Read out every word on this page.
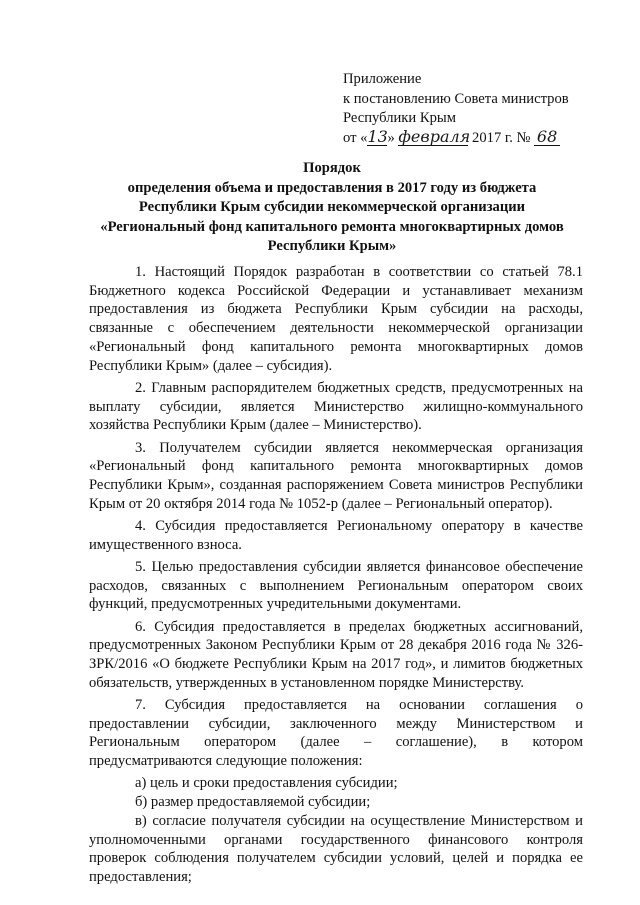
Приложение
к постановлению Совета министров
Республики Крым
от «13» февраля 2017 г. № 68
Порядок
определения объема и предоставления в 2017 году из бюджета
Республики Крым субсидии некоммерческой организации
«Региональный фонд капитального ремонта многоквартирных домов
Республики Крым»

1. Настоящий Порядок разработан в соответствии со статьей 78.1 Бюджетного кодекса Российской Федерации и устанавливает механизм предоставления из бюджета Республики Крым субсидии на расходы, связанные с обеспечением деятельности некоммерческой организации «Региональный фонд капитального ремонта многоквартирных домов Республики Крым» (далее – субсидия).

2. Главным распорядителем бюджетных средств, предусмотренных на выплату субсидии, является Министерство жилищно-коммунального хозяйства Республики Крым (далее – Министерство).

3. Получателем субсидии является некоммерческая организация «Региональный фонд капитального ремонта многоквартирных домов Республики Крым», созданная распоряжением Совета министров Республики Крым от 20 октября 2014 года № 1052-р (далее – Региональный оператор).

4. Субсидия предоставляется Региональному оператору в качестве имущественного взноса.

5. Целью предоставления субсидии является финансовое обеспечение расходов, связанных с выполнением Региональным оператором своих функций, предусмотренных учредительными документами.

6. Субсидия предоставляется в пределах бюджетных ассигнований, предусмотренных Законом Республики Крым от 28 декабря 2016 года № 326-ЗРК/2016 «О бюджете Республики Крым на 2017 год», и лимитов бюджетных обязательств, утвержденных в установленном порядке Министерству.

7. Субсидия предоставляется на основании соглашения о предоставлении субсидии, заключенного между Министерством и Региональным оператором (далее – соглашение), в котором предусматриваются следующие положения:

а) цель и сроки предоставления субсидии;

б) размер предоставляемой субсидии;

в) согласие получателя субсидии на осуществление Министерством и уполномоченными органами государственного финансового контроля проверок соблюдения получателем субсидии условий, целей и порядка ее предоставления;
